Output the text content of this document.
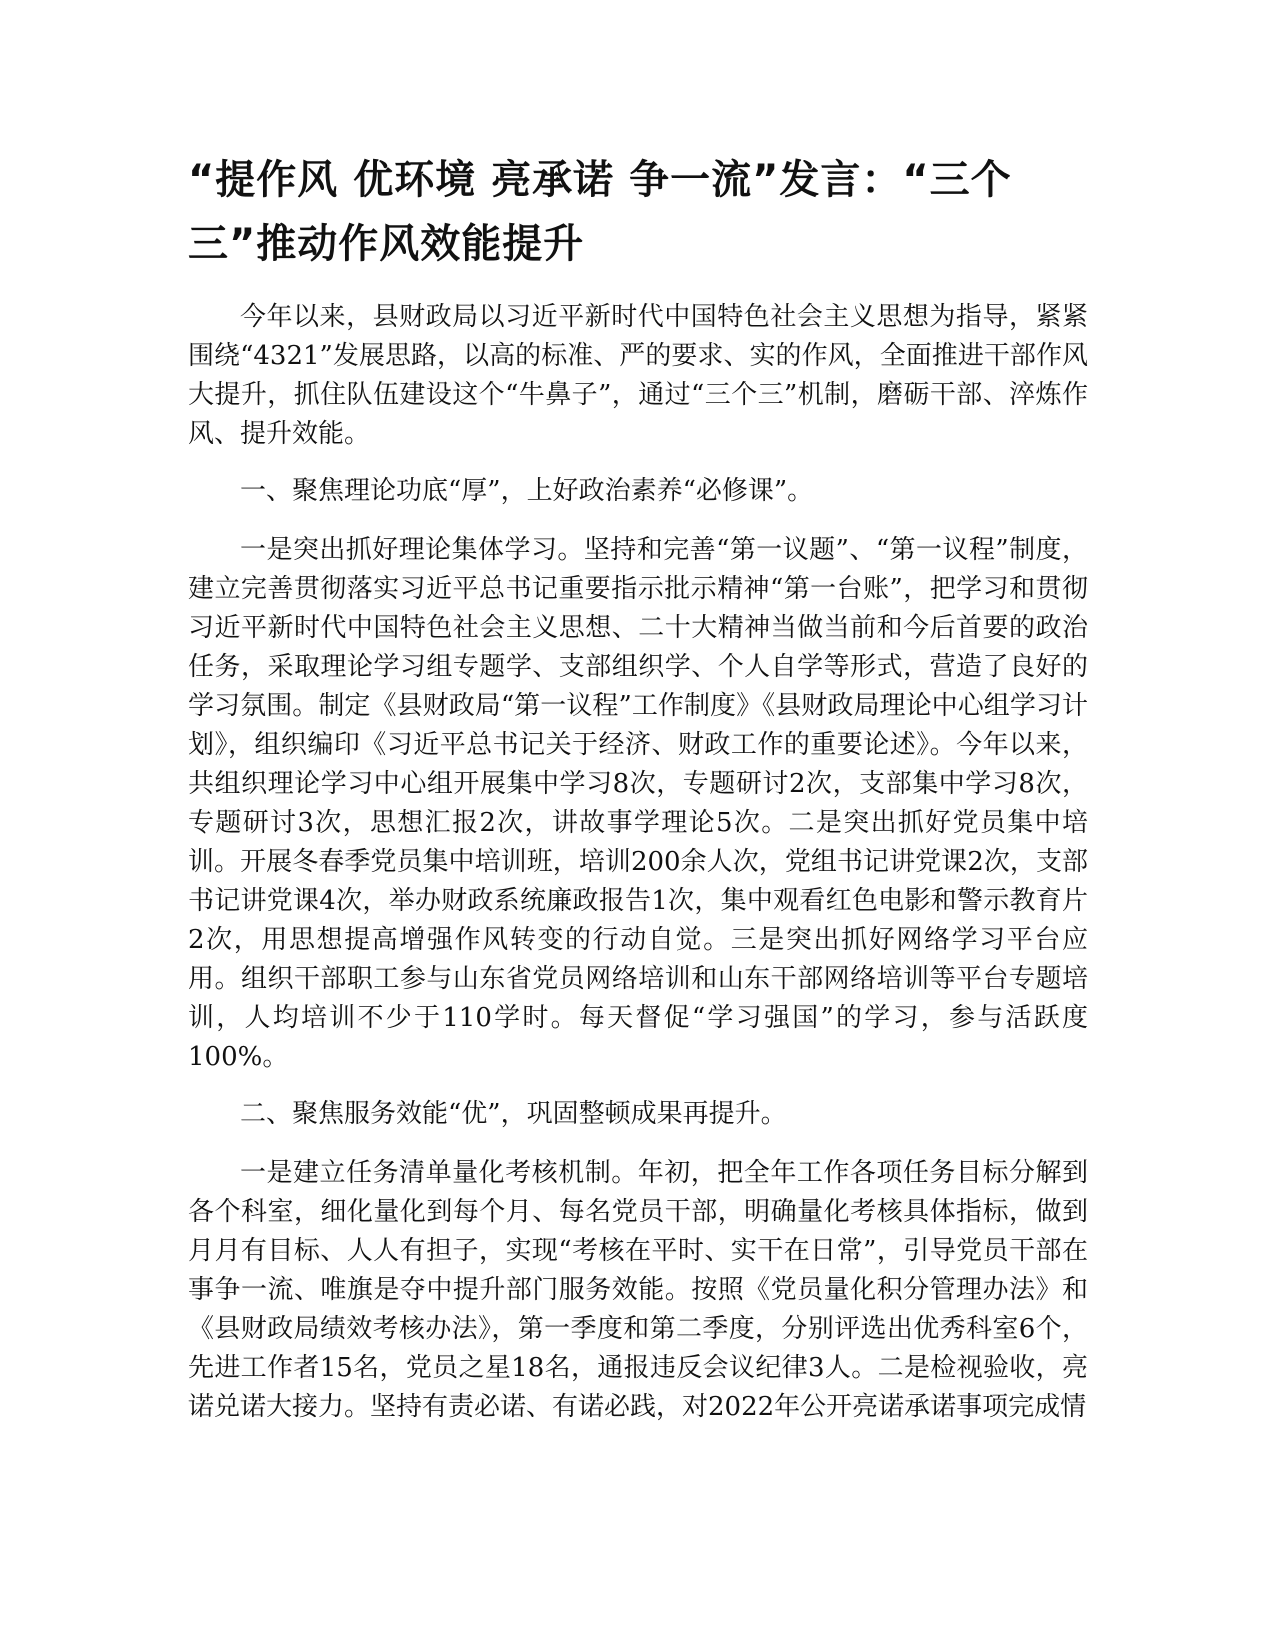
“提作风 优环境 亮承诺 争一流”发言：“三个三”推动作风效能提升

今年以来，县财政局以习近平新时代中国特色社会主义思想为指导，紧紧围绕“4321”发展思路，以高的标准、严的要求、实的作风，全面推进干部作风大提升，抓住队伍建设这个“牛鼻子”，通过“三个三”机制，磨砺干部、淬炼作风、提升效能。

一、聚焦理论功底“厚”，上好政治素养“必修课”。

一是突出抓好理论集体学习。坚持和完善“第一议题”、“第一议程”制度，建立完善贯彻落实习近平总书记重要指示批示精神“第一台账”，把学习和贯彻习近平新时代中国特色社会主义思想、二十大精神当做当前和今后首要的政治任务，采取理论学习组专题学、支部组织学、个人自学等形式，营造了良好的学习氛围。制定《县财政局“第一议程”工作制度》《县财政局理论中心组学习计划》，组织编印《习近平总书记关于经济、财政工作的重要论述》。今年以来，共组织理论学习中心组开展集中学习8次，专题研讨2次，支部集中学习8次，专题研讨3次，思想汇报2次，讲故事学理论5次。二是突出抓好党员集中培训。开展冬春季党员集中培训班，培训200余人次，党组书记讲党课2次，支部书记讲党课4次，举办财政系统廉政报告1次，集中观看红色电影和警示教育片2次，用思想提高增强作风转变的行动自觉。三是突出抓好网络学习平台应用。组织干部职工参与山东省党员网络培训和山东干部网络培训等平台专题培训，人均培训不少于110学时。每天督促“学习强国”的学习，参与活跃度100%。

二、聚焦服务效能“优”，巩固整顿成果再提升。

一是建立任务清单量化考核机制。年初，把全年工作各项任务目标分解到各个科室，细化量化到每个月、每名党员干部，明确量化考核具体指标，做到月月有目标、人人有担子，实现“考核在平时、实干在日常”，引导党员干部在事争一流、唯旗是夺中提升部门服务效能。按照《党员量化积分管理办法》和《县财政局绩效考核办法》，第一季度和第二季度，分别评选出优秀科室6个，先进工作者15名，党员之星18名，通报违反会议纪律3人。二是检视验收，亮诺兑诺大接力。坚持有责必诺、有诺必践，对2022年公开亮诺承诺事项完成情
